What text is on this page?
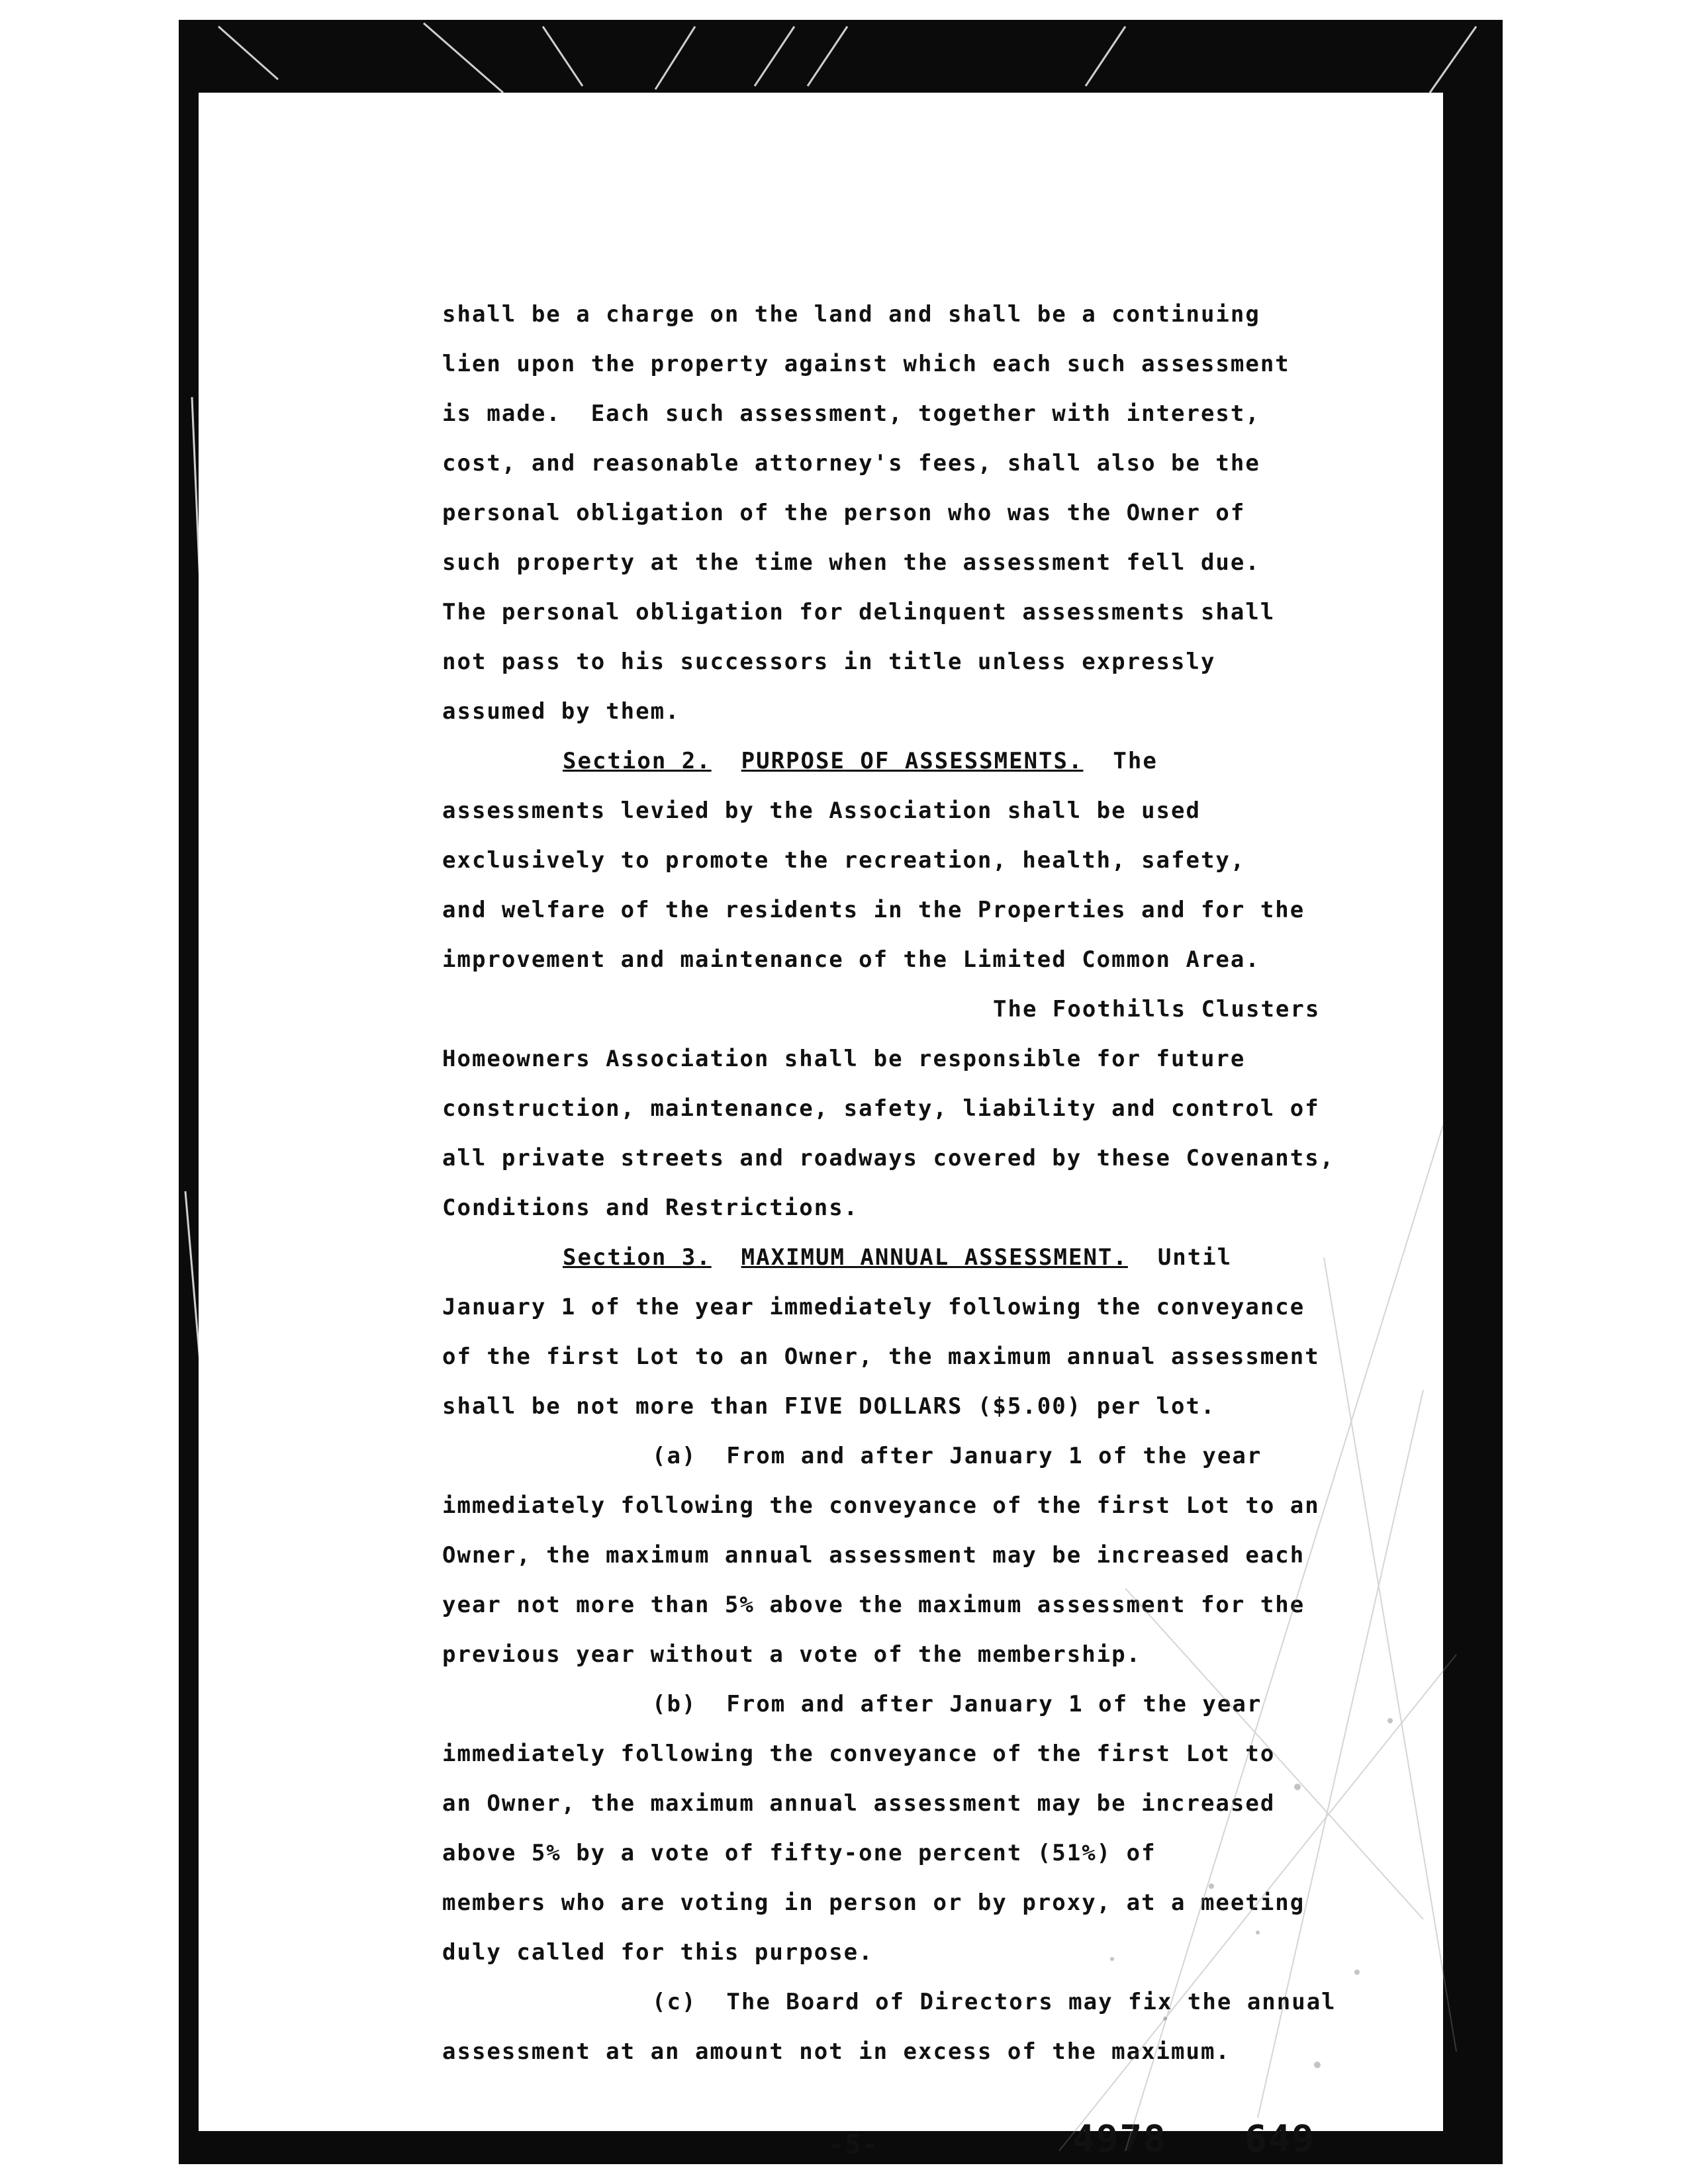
shall be a charge on the land and shall be a continuing

lien upon the property against which each such assessment

is made.  Each such assessment, together with interest,

cost, and reasonable attorney's fees, shall also be the

personal obligation of the person who was the Owner of

such property at the time when the assessment fell due.

The personal obligation for delinquent assessments shall

not pass to his successors in title unless expressly

assumed by them.

Section 2. PURPOSE OF ASSESSMENTS. The

assessments levied by the Association shall be used

exclusively to promote the recreation, health, safety,

and welfare of the residents in the Properties and for the

improvement and maintenance of the Limited Common Area.

The Foothills Clusters

Homeowners Association shall be responsible for future

construction, maintenance, safety, liability and control of

all private streets and roadways covered by these Covenants,

Conditions and Restrictions.

Section 3. MAXIMUM ANNUAL ASSESSMENT. Until

January 1 of the year immediately following the conveyance

of the first Lot to an Owner, the maximum annual assessment

shall be not more than FIVE DOLLARS ($5.00) per lot.

(a) From and after January 1 of the year

immediately following the conveyance of the first Lot to an

Owner, the maximum annual assessment may be increased each

year not more than 5% above the maximum assessment for the

previous year without a vote of the membership.

(b) From and after January 1 of the year

immediately following the conveyance of the first Lot to

an Owner, the maximum annual assessment may be increased

above 5% by a vote of fifty-one percent (51%) of

members who are voting in person or by proxy, at a meeting

duly called for this purpose.

(c) The Board of Directors may fix the annual

assessment at an amount not in excess of the maximum.

-5-	4978 649
